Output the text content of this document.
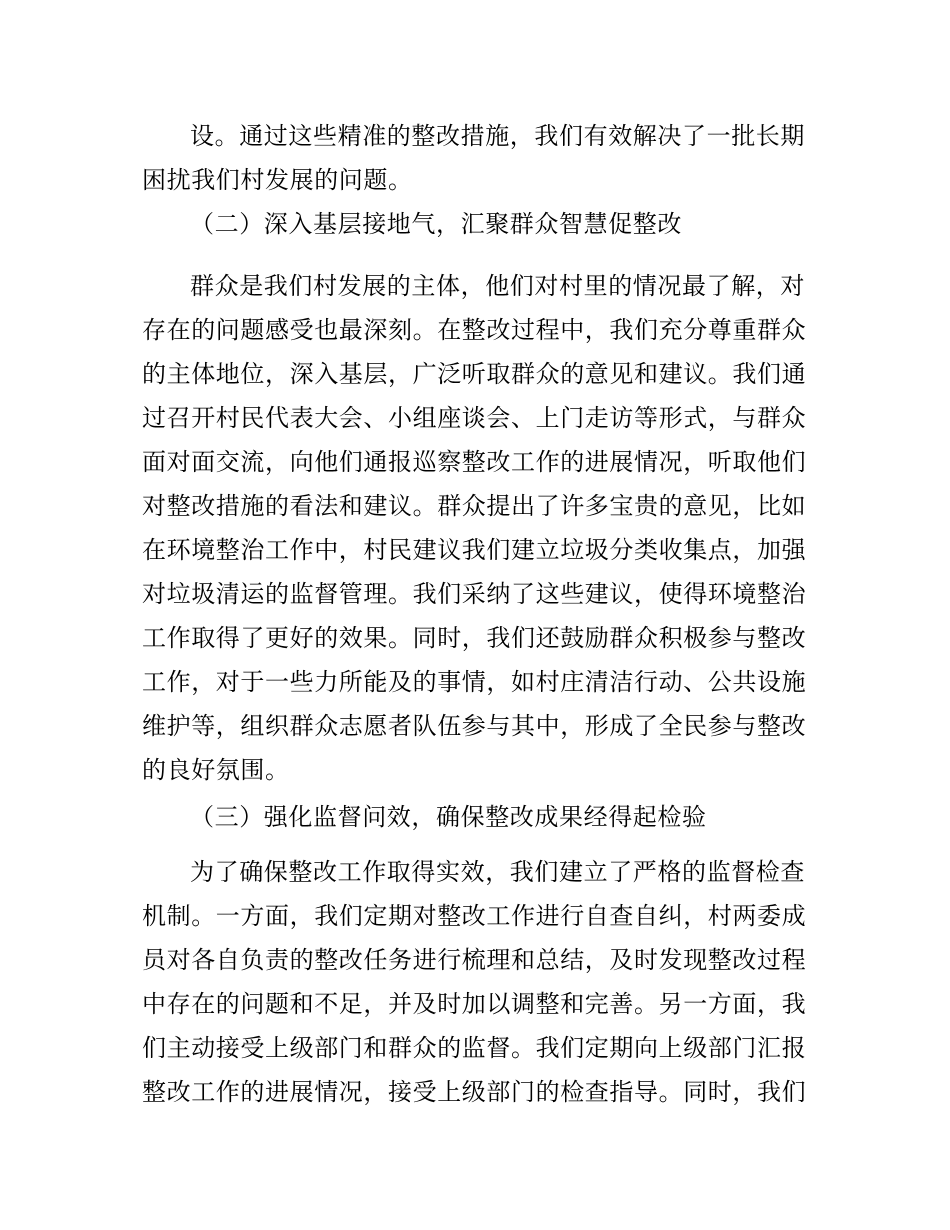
设。通过这些精准的整改措施，我们有效解决了一批长期
困扰我们村发展的问题。
（二）深入基层接地气，汇聚群众智慧促整改
群众是我们村发展的主体，他们对村里的情况最了解，对
存在的问题感受也最深刻。在整改过程中，我们充分尊重群众
的主体地位，深入基层，广泛听取群众的意见和建议。我们通
过召开村民代表大会、小组座谈会、上门走访等形式，与群众
面对面交流，向他们通报巡察整改工作的进展情况，听取他们
对整改措施的看法和建议。群众提出了许多宝贵的意见，比如
在环境整治工作中，村民建议我们建立垃圾分类收集点，加强
对垃圾清运的监督管理。我们采纳了这些建议，使得环境整治
工作取得了更好的效果。同时，我们还鼓励群众积极参与整改
工作，对于一些力所能及的事情，如村庄清洁行动、公共设施
维护等，组织群众志愿者队伍参与其中，形成了全民参与整改
的良好氛围。
（三）强化监督问效，确保整改成果经得起检验
为了确保整改工作取得实效，我们建立了严格的监督检查
机制。一方面，我们定期对整改工作进行自查自纠，村两委成
员对各自负责的整改任务进行梳理和总结，及时发现整改过程
中存在的问题和不足，并及时加以调整和完善。另一方面，我
们主动接受上级部门和群众的监督。我们定期向上级部门汇报
整改工作的进展情况，接受上级部门的检查指导。同时，我们
